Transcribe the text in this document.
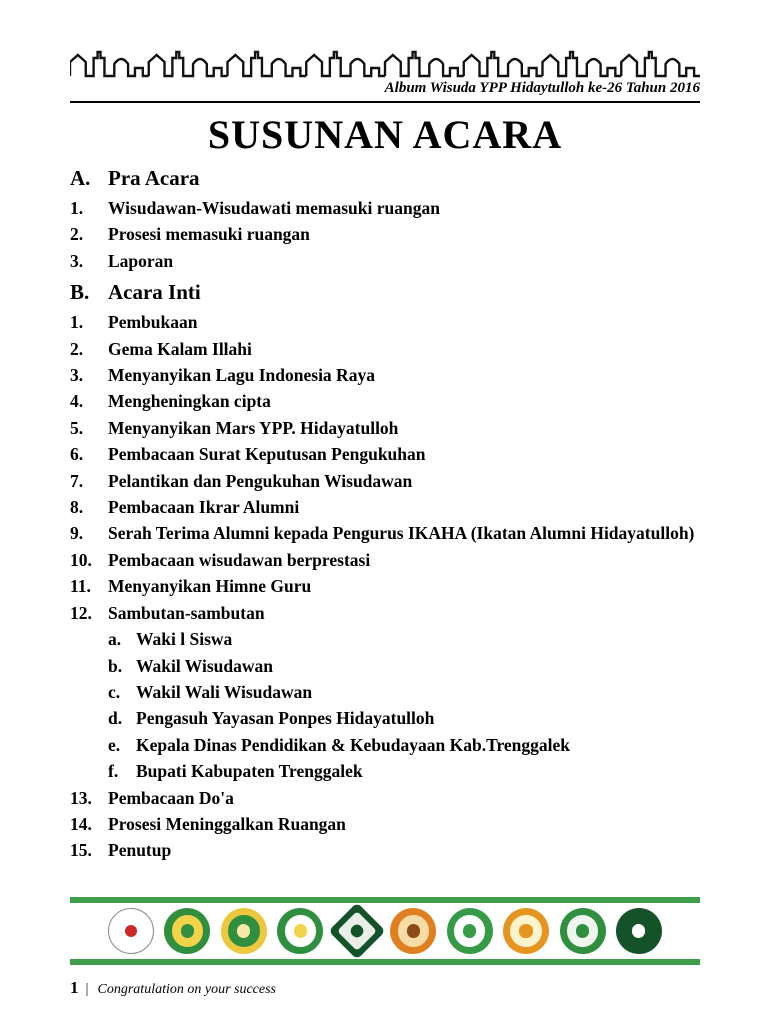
Album Wisuda YPP Hidaytulloh ke-26 Tahun 2016
SUSUNAN ACARA
A. Pra Acara
1.	Wisudawan-Wisudawati memasuki ruangan
2.	Prosesi memasuki ruangan
3.	Laporan
B. Acara Inti
1.	Pembukaan
2.	Gema Kalam Illahi
3.	Menyanyikan Lagu Indonesia Raya
4.	Mengheningkan cipta
5.	Menyanyikan Mars YPP. Hidayatulloh
6.	Pembacaan Surat Keputusan Pengukuhan
7.	Pelantikan dan Pengukuhan Wisudawan
8.	Pembacaan Ikrar Alumni
9.	Serah Terima Alumni kepada Pengurus IKAHA (Ikatan Alumni Hidayatulloh)
10. Pembacaan wisudawan berprestasi
11. Menyanyikan Himne Guru
12. Sambutan-sambutan
a. Waki l Siswa
b. Wakil Wisudawan
c. Wakil Wali Wisudawan
d. Pengasuh Yayasan Ponpes Hidayatulloh
e. Kepala Dinas Pendidikan & Kebudayaan Kab.Trenggalek
f.	Bupati Kabupaten Trenggalek
13. Pembacaan Do'a
14. Prosesi Meninggalkan Ruangan
15. Penutup
1 | Congratulation on your success
